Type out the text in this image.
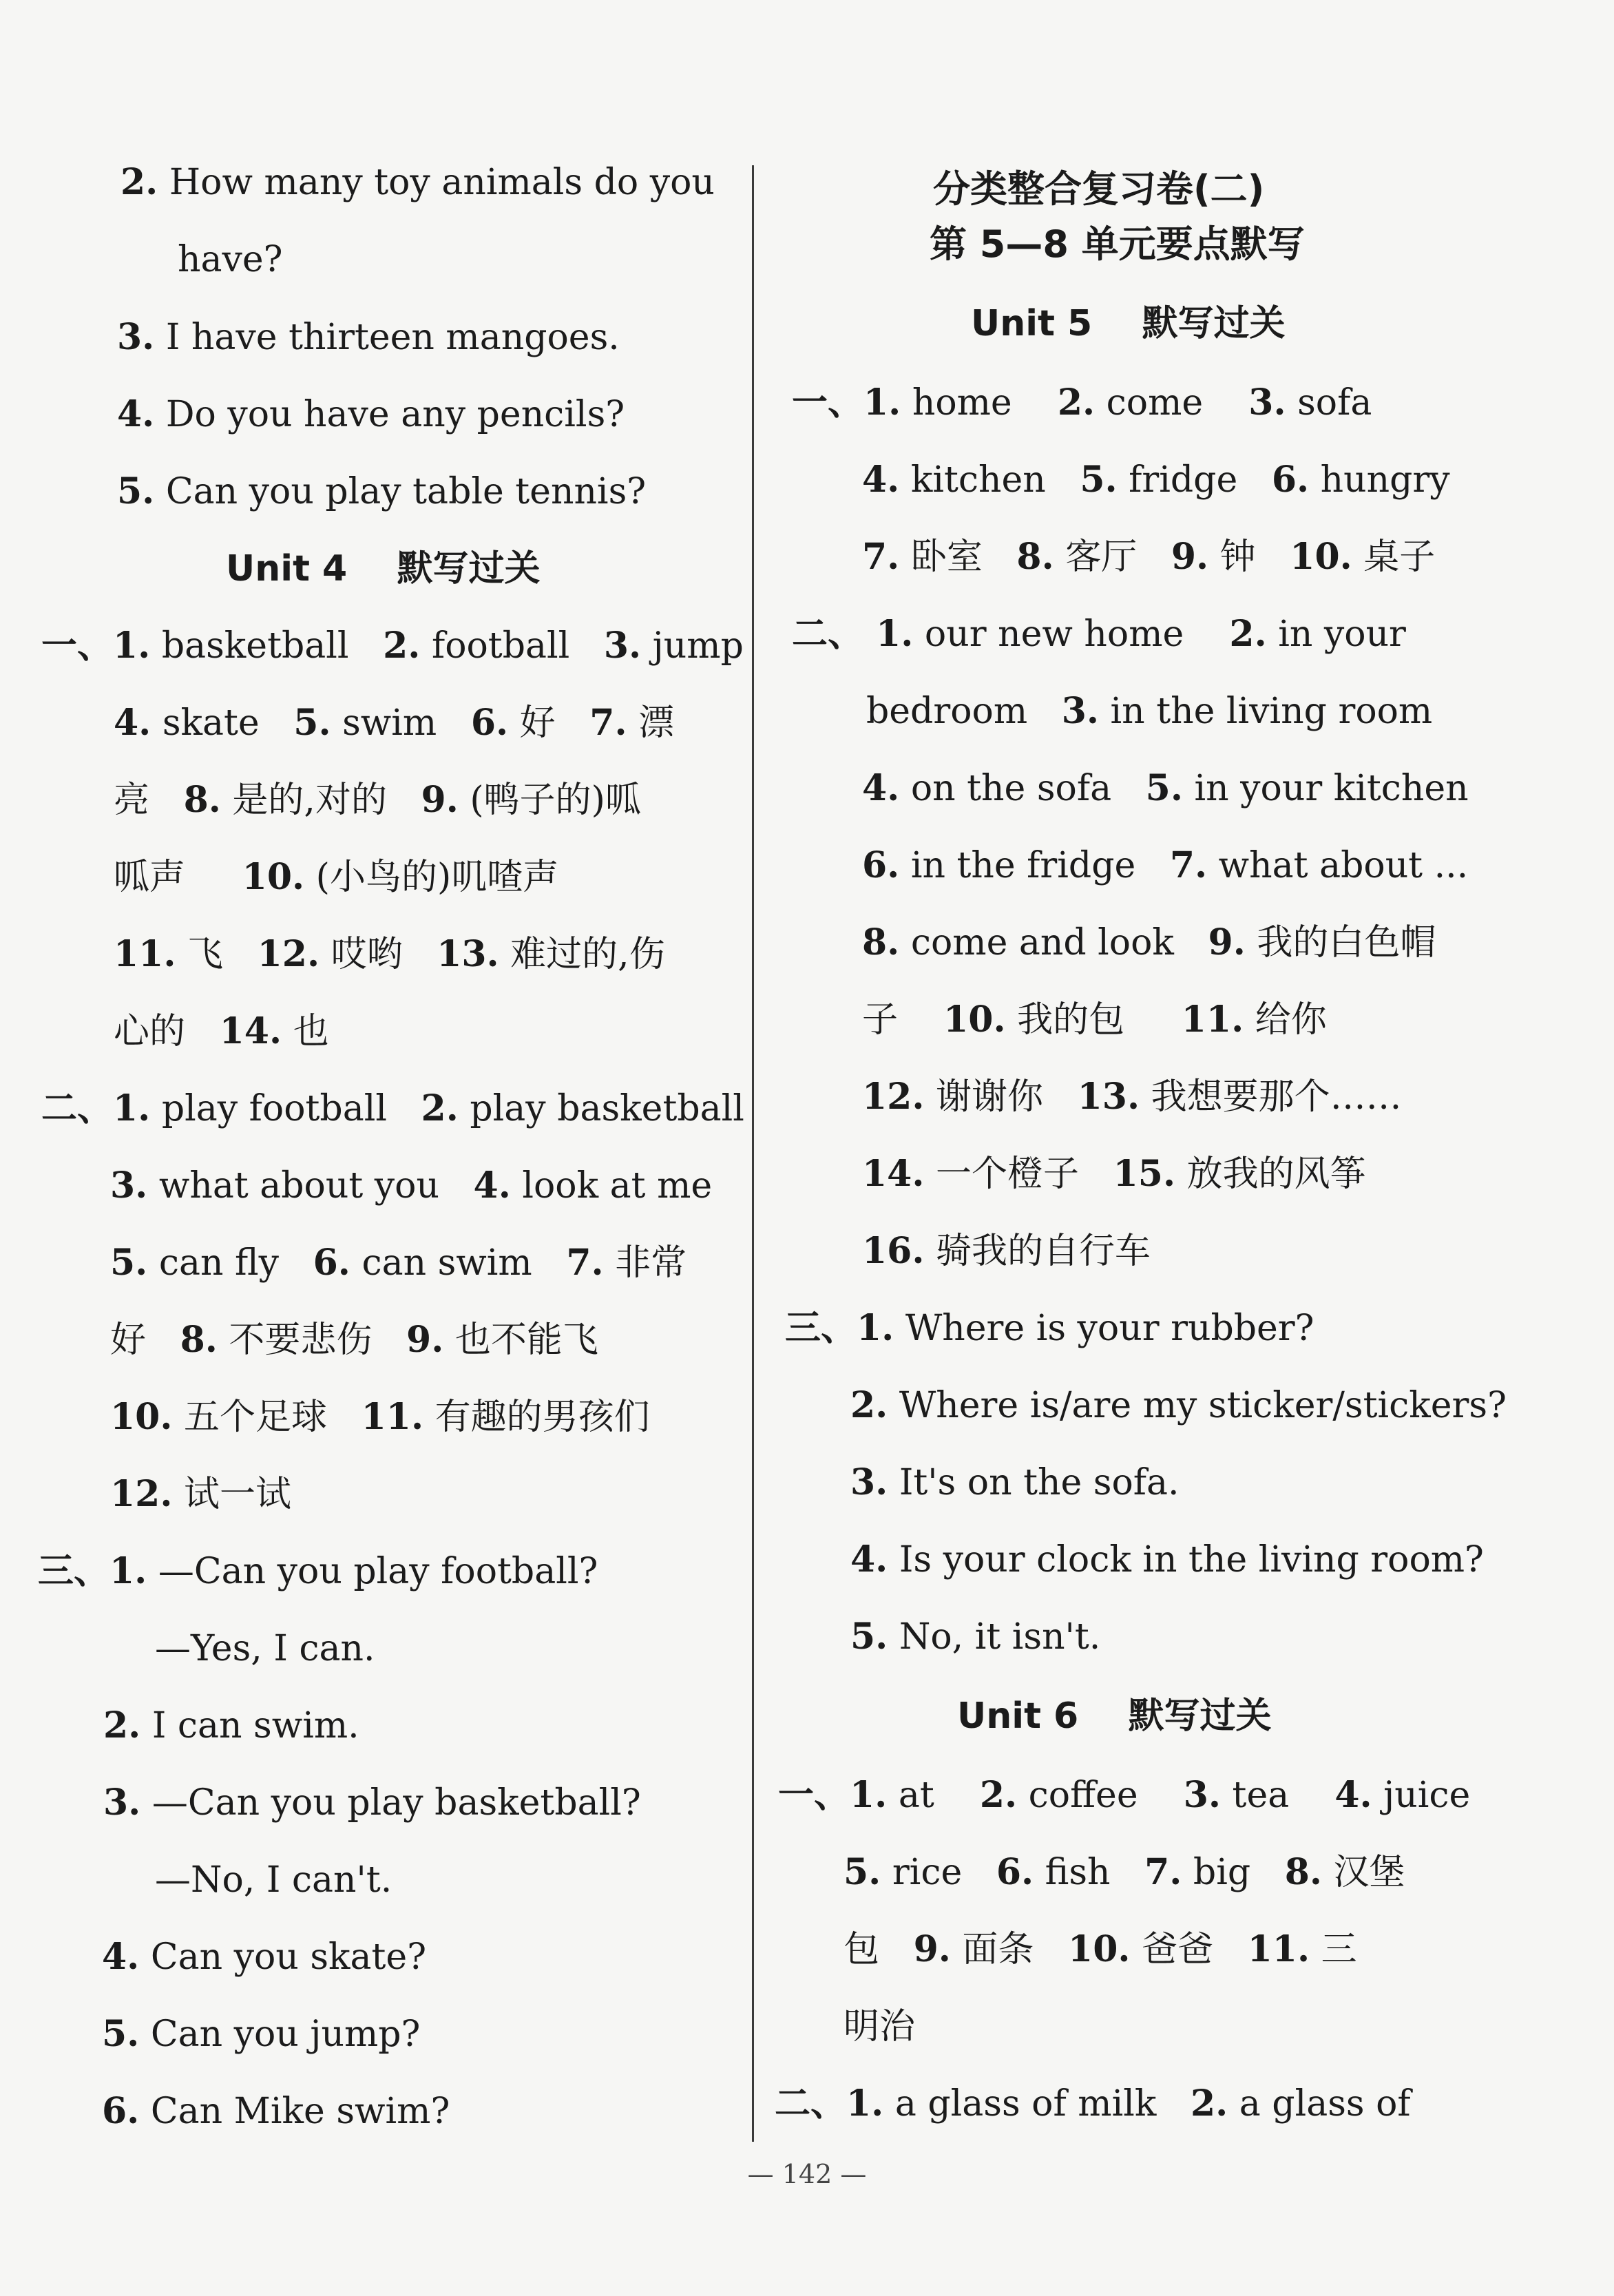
2. How many toy animals do you
have?
3. I have thirteen mangoes.
4. Do you have any pencils?
5. Can you play table tennis?
Unit 4    默写过关
一、1. basketball   2. football   3. jump
4. skate   5. swim   6. 好   7. 漂
亮   8. 是的,对的   9. (鸭子的)呱
呱声     10. (小鸟的)叽喳声
11. 飞   12. 哎哟   13. 难过的,伤
心的   14. 也
二、1. play football   2. play basketball
3. what about you   4. look at me
5. can fly   6. can swim   7. 非常
好   8. 不要悲伤   9. 也不能飞
10. 五个足球   11. 有趣的男孩们
12. 试一试
三、1. —Can you play football?
—Yes, I can.
2. I can swim.
3. —Can you play basketball?
—No, I can't.
4. Can you skate?
5. Can you jump?
6. Can Mike swim?
分类整合复习卷(二)
第 5—8 单元要点默写
Unit 5    默写过关
一、1. home    2. come    3. sofa
4. kitchen   5. fridge   6. hungry
7. 卧室   8. 客厅   9. 钟   10. 桌子
二、 1. our new home    2. in your
bedroom   3. in the living room
4. on the sofa   5. in your kitchen
6. in the fridge   7. what about ...
8. come and look   9. 我的白色帽
子    10. 我的包     11. 给你
12. 谢谢你   13. 我想要那个……
14. 一个橙子   15. 放我的风筝
16. 骑我的自行车
三、1. Where is your rubber?
2. Where is/are my sticker/stickers?
3. It's on the sofa.
4. Is your clock in the living room?
5. No, it isn't.
Unit 6    默写过关
一、1. at    2. coffee    3. tea    4. juice
5. rice   6. fish   7. big   8. 汉堡
包   9. 面条   10. 爸爸   11. 三
明治
二、1. a glass of milk   2. a glass of
— 142 —
